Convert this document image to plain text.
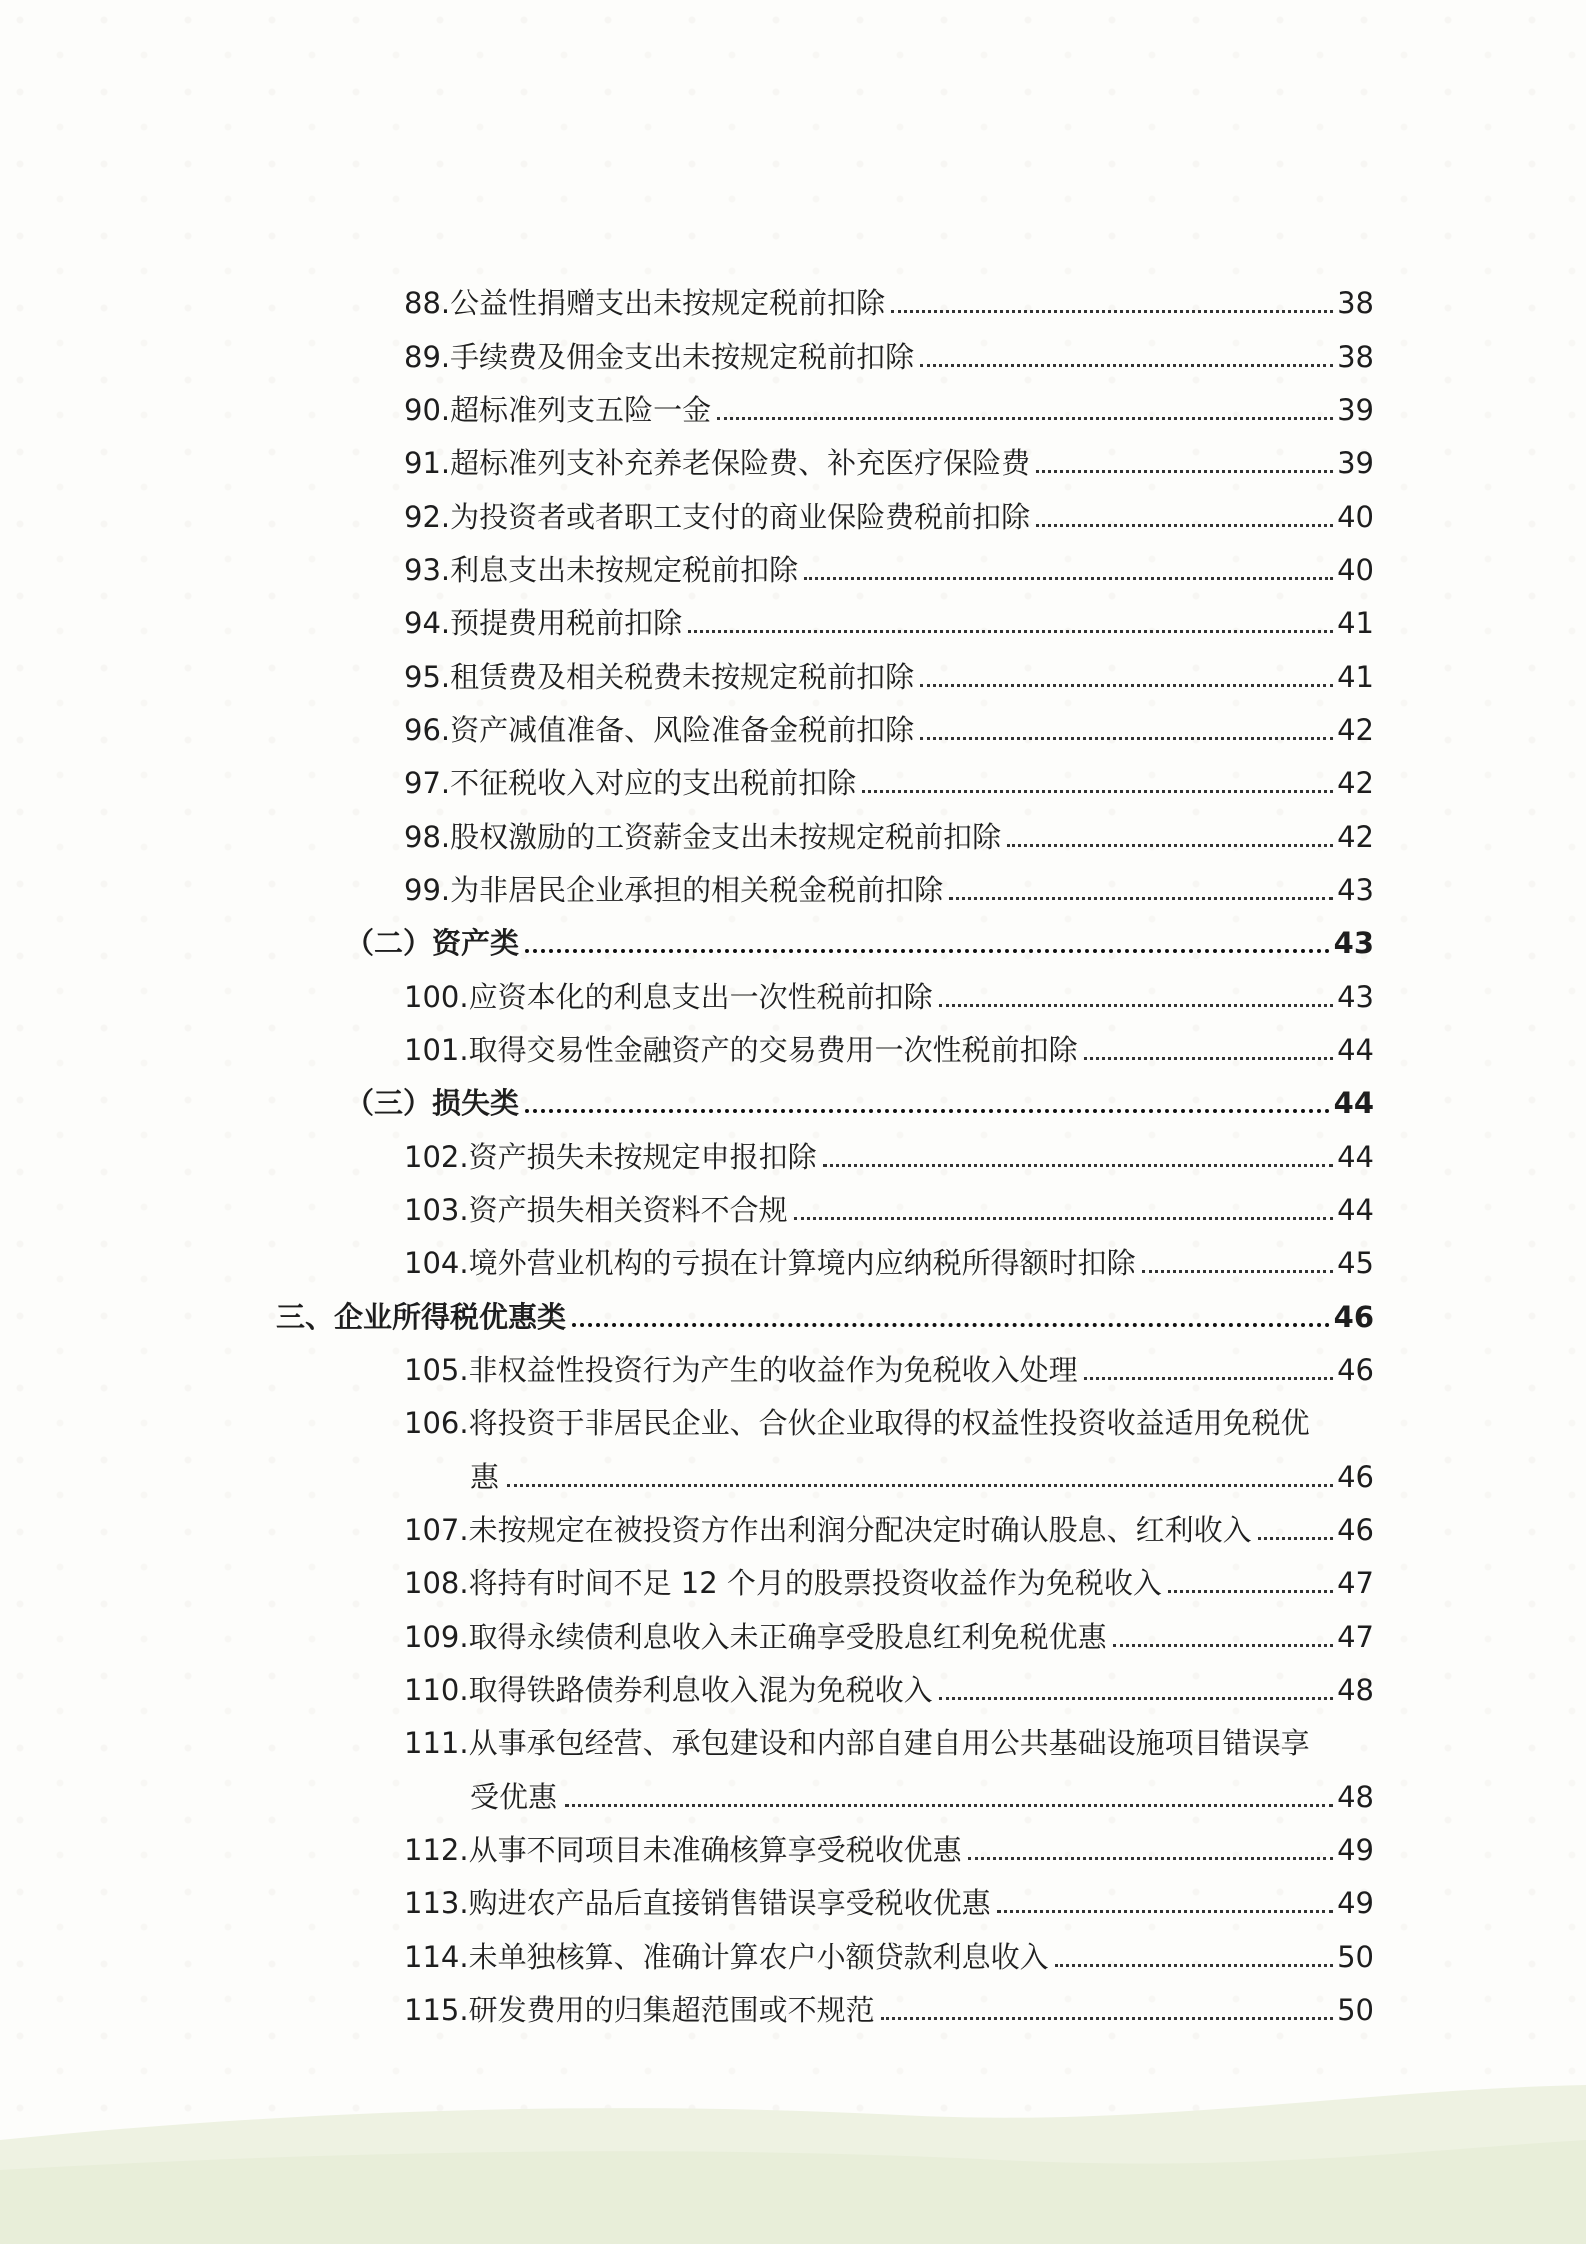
88.公益性捐赠支出未按规定税前扣除	38
89.手续费及佣金支出未按规定税前扣除	38
90.超标准列支五险一金	39
91.超标准列支补充养老保险费、补充医疗保险费	39
92.为投资者或者职工支付的商业保险费税前扣除	40
93.利息支出未按规定税前扣除	40
94.预提费用税前扣除	41
95.租赁费及相关税费未按规定税前扣除	41
96.资产减值准备、风险准备金税前扣除	42
97.不征税收入对应的支出税前扣除	42
98.股权激励的工资薪金支出未按规定税前扣除	42
99.为非居民企业承担的相关税金税前扣除	43
（二）资产类	43
100.应资本化的利息支出一次性税前扣除	43
101.取得交易性金融资产的交易费用一次性税前扣除	44
（三）损失类	44
102.资产损失未按规定申报扣除	44
103.资产损失相关资料不合规	44
104.境外营业机构的亏损在计算境内应纳税所得额时扣除	45
三、企业所得税优惠类	46
105.非权益性投资行为产生的收益作为免税收入处理	46
106.将投资于非居民企业、合伙企业取得的权益性投资收益适用免税优
惠	46
107.未按规定在被投资方作出利润分配决定时确认股息、红利收入	46
108.将持有时间不足 12 个月的股票投资收益作为免税收入	47
109.取得永续债利息收入未正确享受股息红利免税优惠	47
110.取得铁路债券利息收入混为免税收入	48
111.从事承包经营、承包建设和内部自建自用公共基础设施项目错误享
受优惠	48
112.从事不同项目未准确核算享受税收优惠	49
113.购进农产品后直接销售错误享受税收优惠	49
114.未单独核算、准确计算农户小额贷款利息收入	50
115.研发费用的归集超范围或不规范	50
